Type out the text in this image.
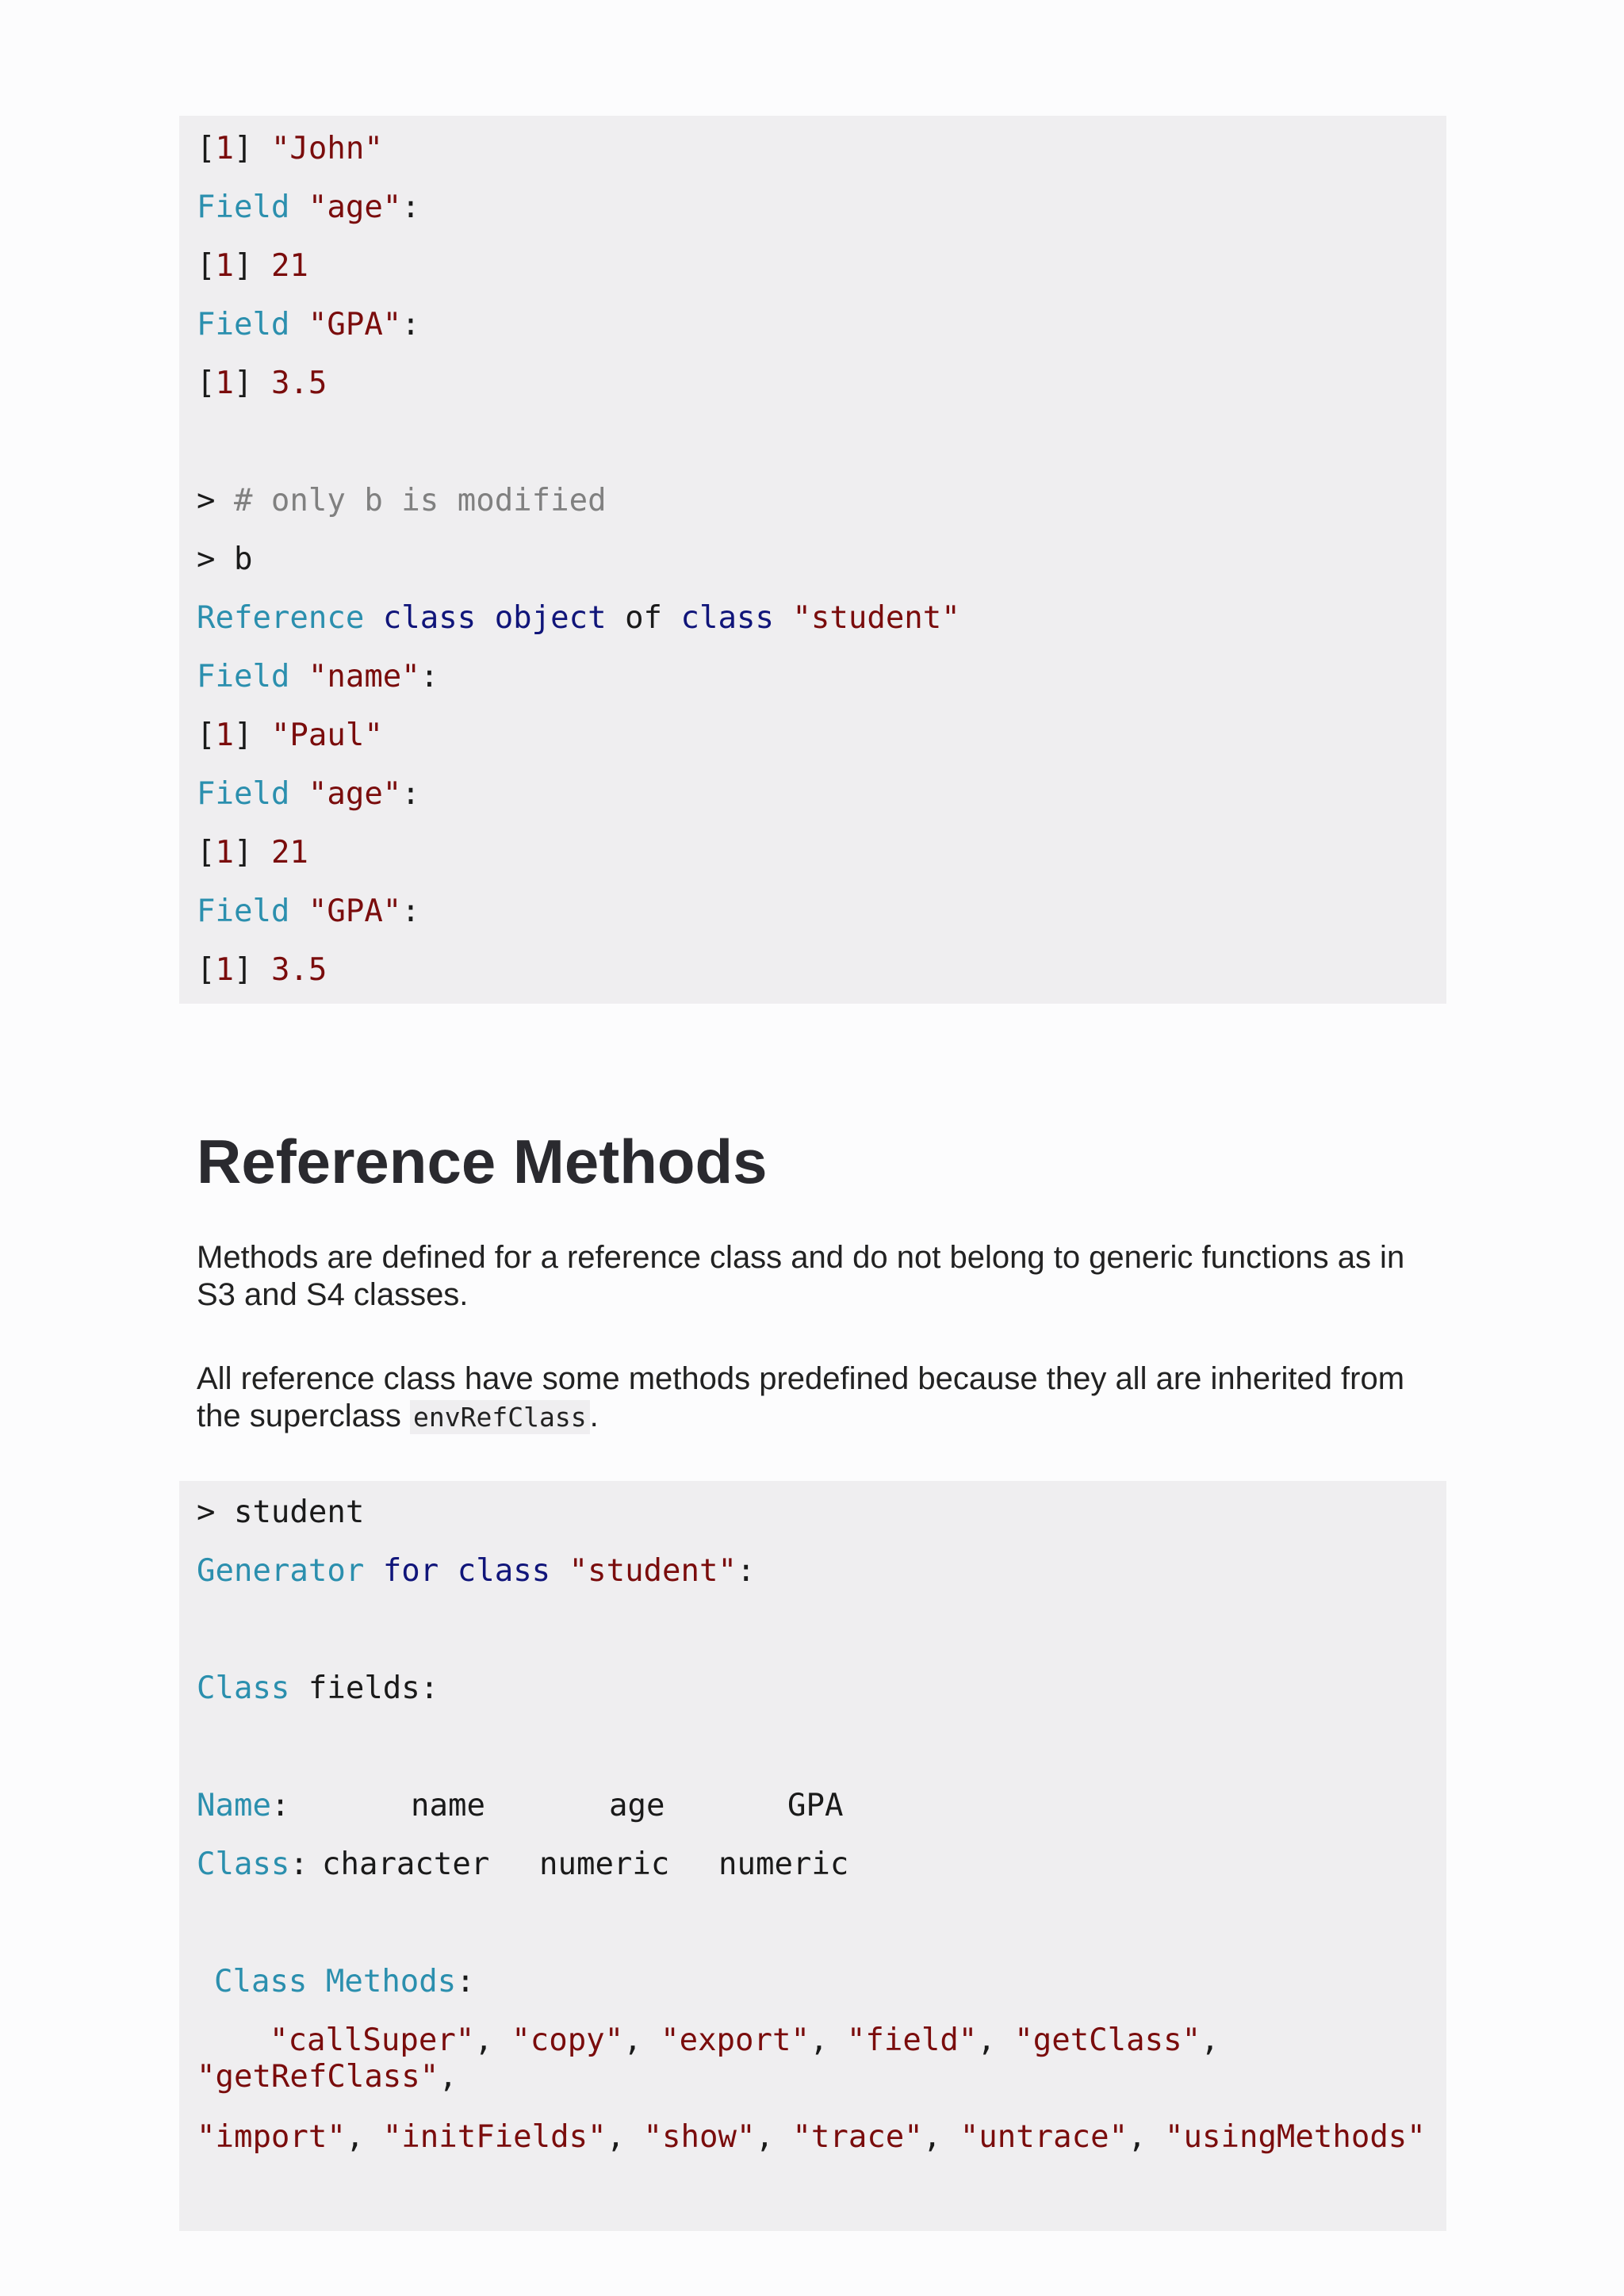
[1] "John"
Field "age":
[1] 21
Field "GPA":
[1] 3.5
> # only b is modified
> b
Reference class object of class "student"
Field "name":
[1] "Paul"
Field "age":
[1] 21
Field "GPA":
[1] 3.5
Reference Methods

Methods are defined for a reference class and do not belong to generic functions as in S3 and S4 classes.

All reference class have some methods predefined because they all are inherited from the superclass envRefClass .

> student
Generator for class "student":
Class fields:
Name:	name	age	GPA
Class: character numeric numeric
Class Methods:
"callSuper", "copy", "export", "field", "getClass",
"getRefClass",
"import", "initFields", "show", "trace", "untrace", "usingMethods"
